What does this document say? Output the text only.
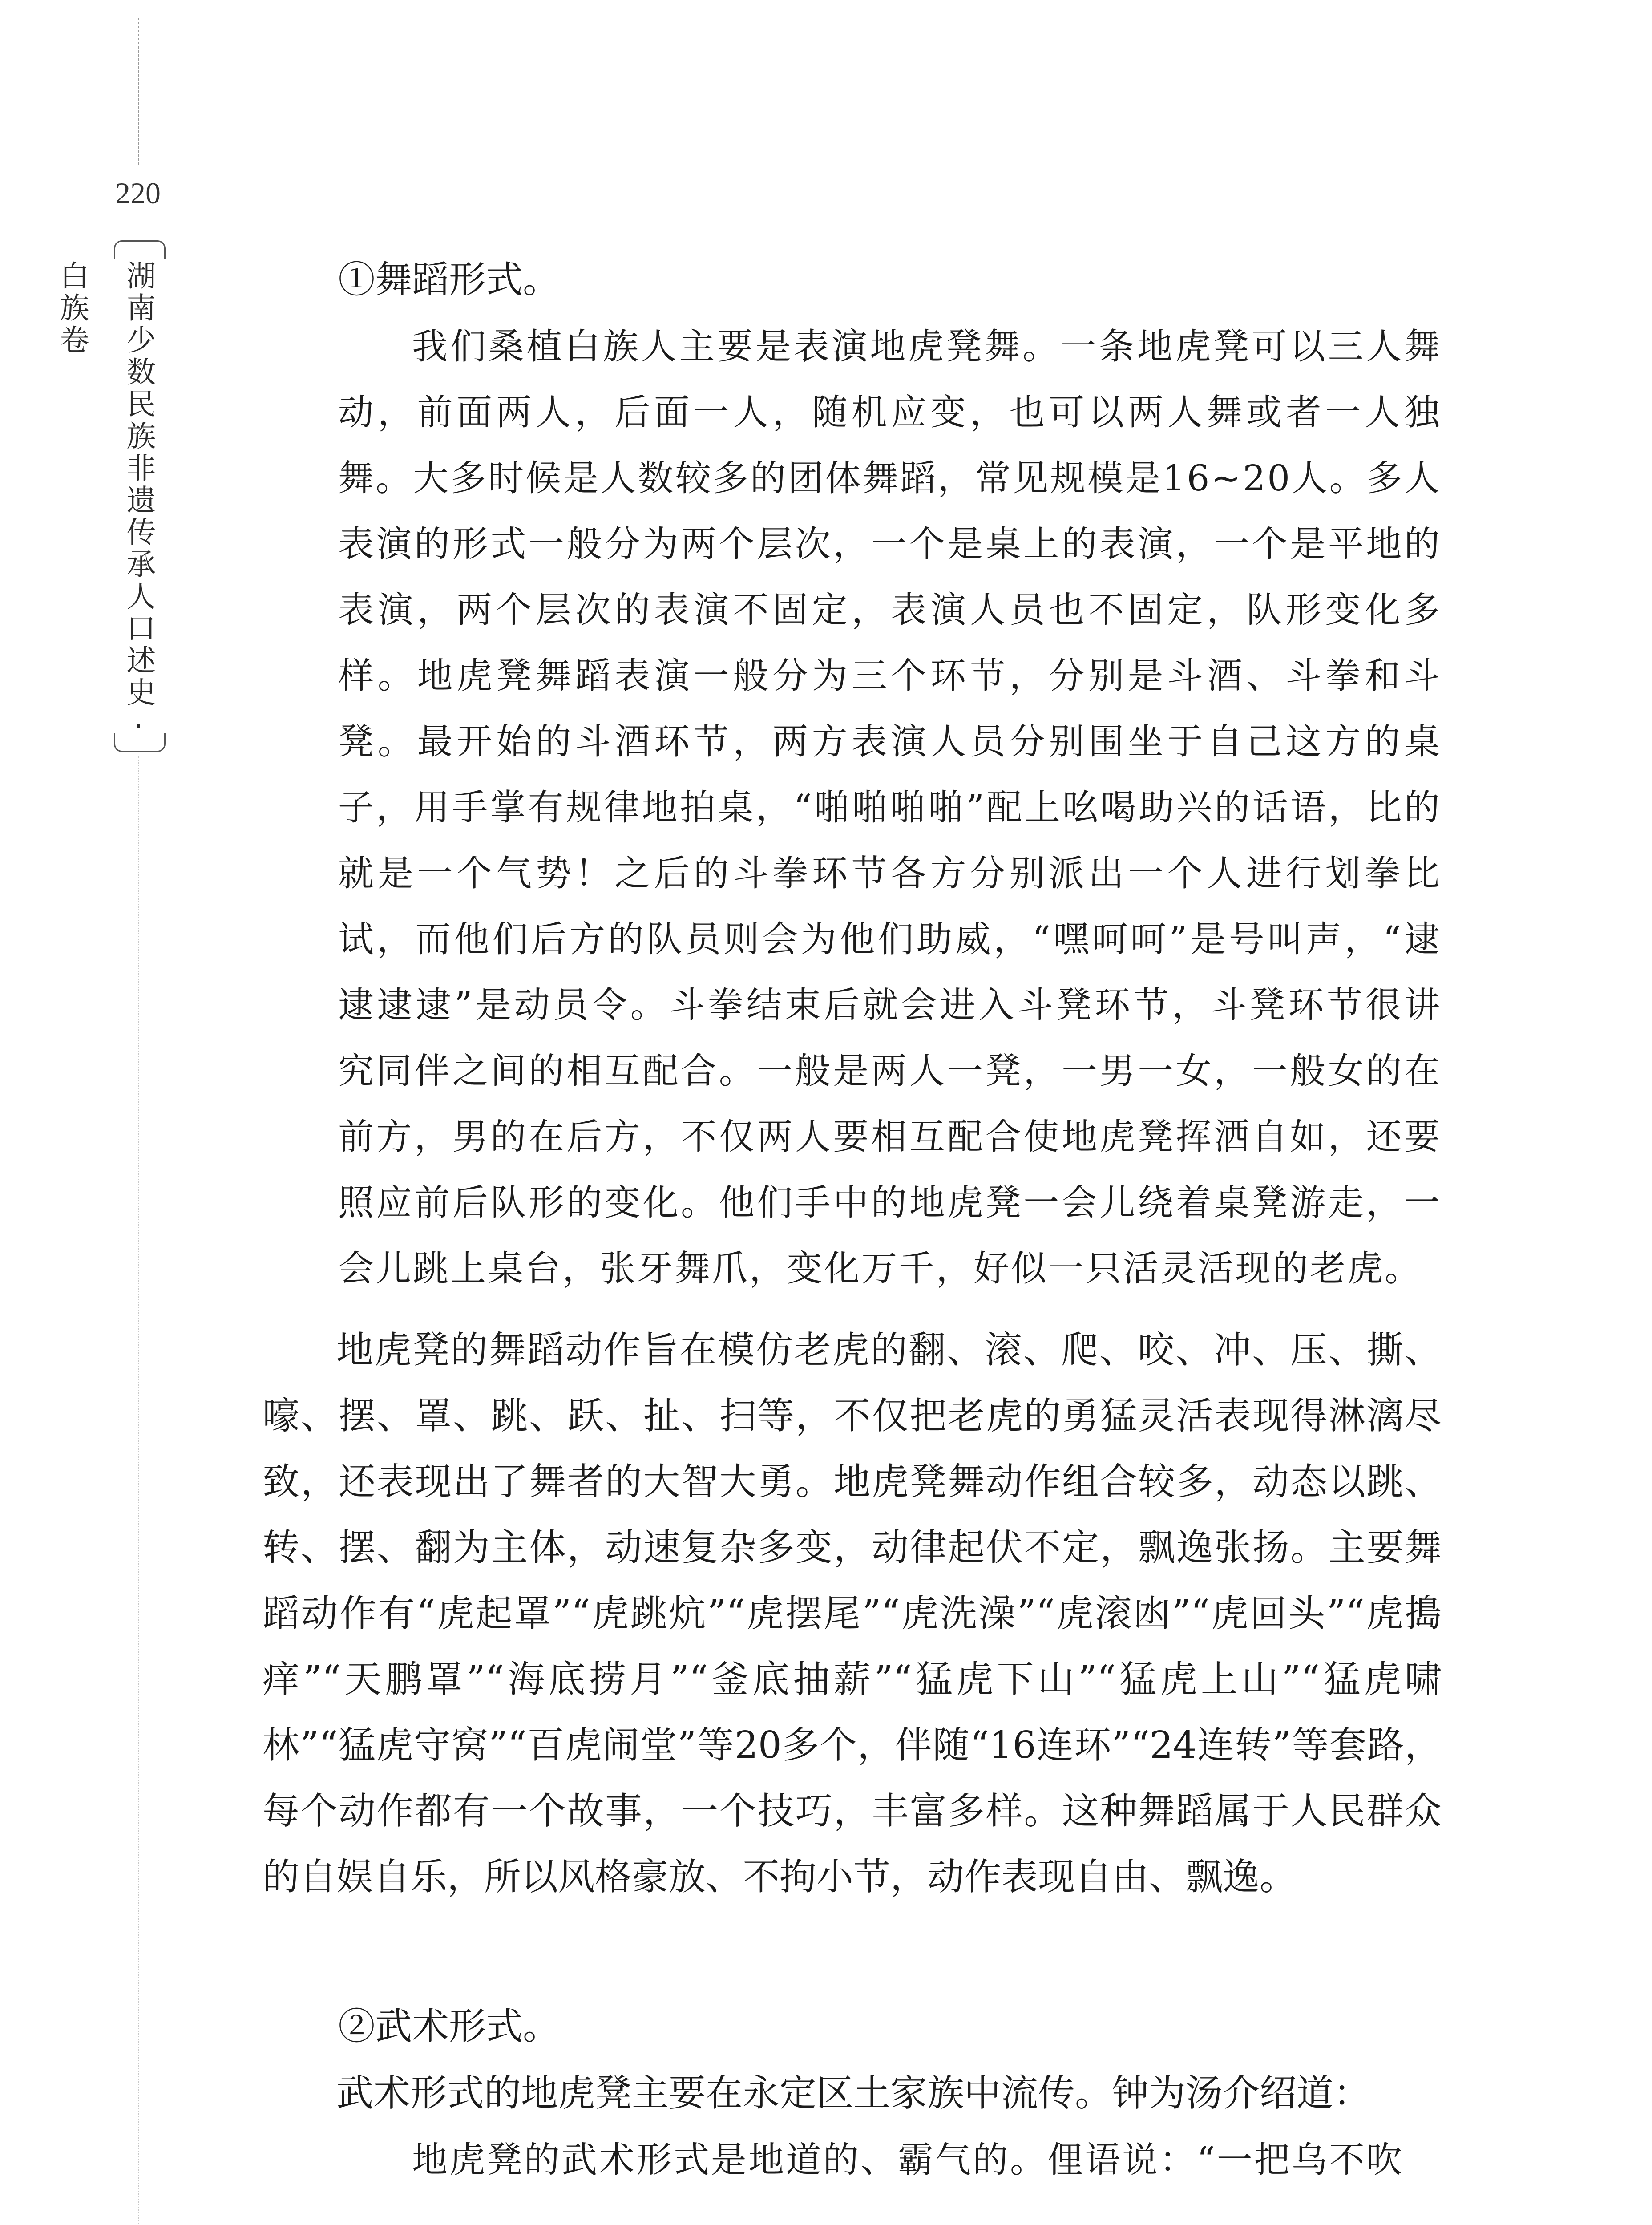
220
湖南少数民族非遗传承人口述史·白族卷	①舞蹈形式。

我们桑植白族人主要是表演地虎凳舞。一条地虎凳可以三人舞动，前面两人，后面一人，随机应变，也可以两人舞或者一人独舞。大多时候是人数较多的团体舞蹈，常见规模是16~20人。多人表演的形式一般分为两个层次，一个是桌上的表演，一个是平地的表演，两个层次的表演不固定，表演人员也不固定，队形变化多样。地虎凳舞蹈表演一般分为三个环节，分别是斗酒、斗拳和斗凳。最开始的斗酒环节，两方表演人员分别围坐于自己这方的桌子，用手掌有规律地拍桌，“啪啪啪啪”配上吆喝助兴的话语，比的就是一个气势！之后的斗拳环节各方分别派出一个人进行划拳比试，而他们后方的队员则会为他们助威，“嘿呵呵”是号叫声，“逮逮逮逮”是动员令。斗拳结束后就会进入斗凳环节，斗凳环节很讲究同伴之间的相互配合。一般是两人一凳，一男一女，一般女的在前方，男的在后方，不仅两人要相互配合使地虎凳挥洒自如，还要照应前后队形的变化。他们手中的地虎凳一会儿绕着桌凳游走，一会儿跳上桌台，张牙舞爪，变化万千，好似一只活灵活现的老虎。

地虎凳的舞蹈动作旨在模仿老虎的翻、滚、爬、咬、冲、压、撕、嚎、摆、罩、跳、跃、扯、扫等，不仅把老虎的勇猛灵活表现得淋漓尽致，还表现出了舞者的大智大勇。地虎凳舞动作组合较多，动态以跳、转、摆、翻为主体，动速复杂多变，动律起伏不定，飘逸张扬。主要舞蹈动作有“虎起罩”“虎跳炕”“虎摆尾”“虎洗澡”“虎滚凼”“虎回头”“虎搗痒”“天鹏罩”“海底捞月”“釜底抽薪”“猛虎下山”“猛虎上山”“猛虎啸林”“猛虎守窝”“百虎闹堂”等20多个，伴随“16连环”“24连转”等套路，每个动作都有一个故事，一个技巧，丰富多样。这种舞蹈属于人民群众的自娱自乐，所以风格豪放、不拘小节，动作表现自由、飘逸。

②武术形式。

武术形式的地虎凳主要在永定区土家族中流传。钟为汤介绍道：

地虎凳的武术形式是地道的、霸气的。俚语说：“一把乌不吹
